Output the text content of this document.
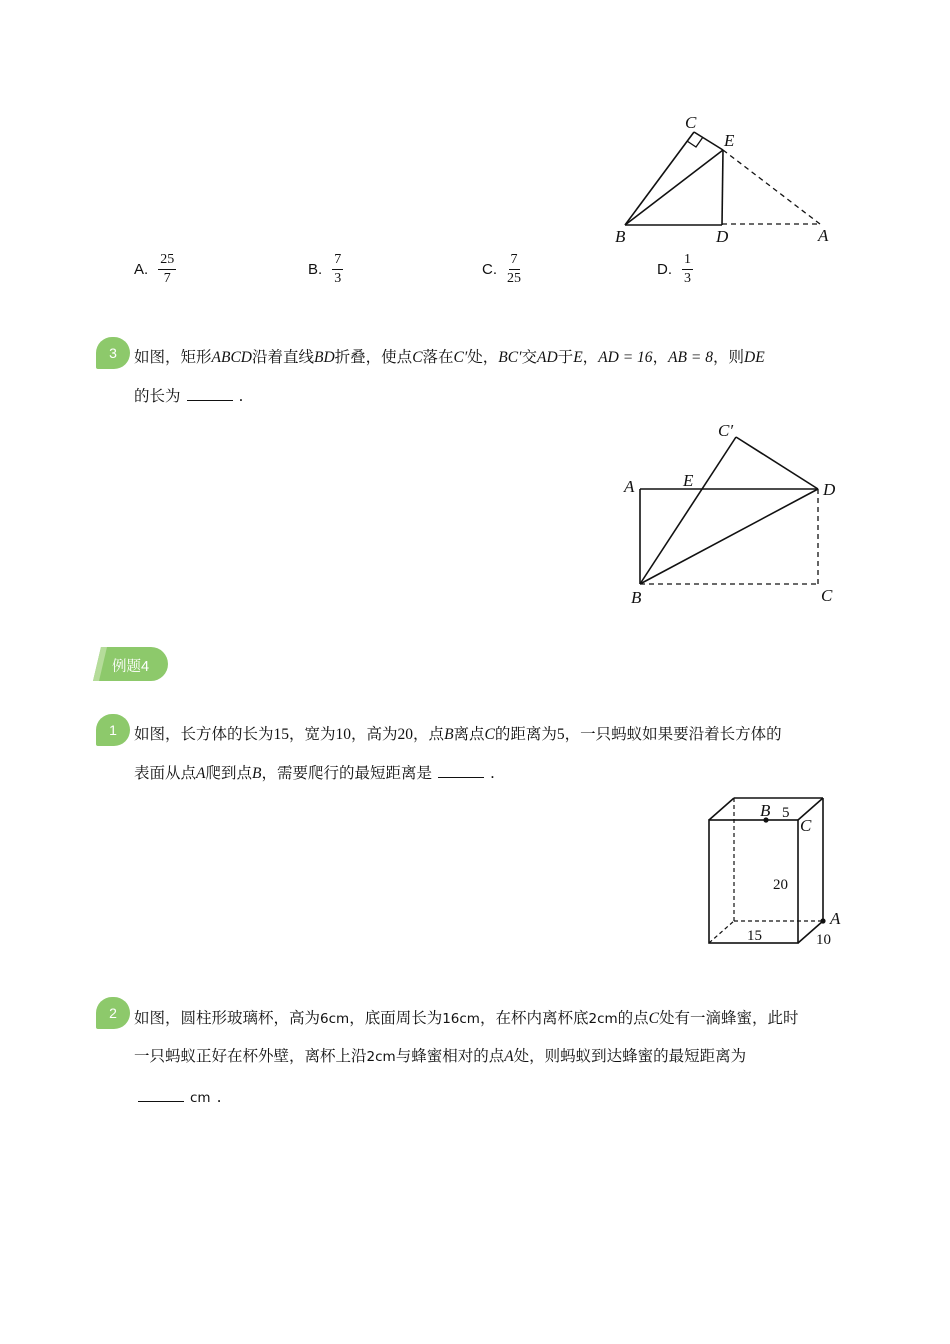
C
E
B	D	A
A. $\frac{25}{7}$	B. $\frac{7}{3}$	C. $\frac{7}{25}$	D. $\frac{1}{3}$
3	如图，矩形ABCD沿着直线BD折叠，使点C落在C′处，BC′交AD于E，AD = 16，AB = 8，则DE
的长为	.
C′
A	E	D
B	C
例题4
1	如图，长方体的长为15，宽为10，高为20，点B离点C的距离为5，一只蚂蚁如果要沿着长方体的
表面从点A爬到点B，需要爬行的最短距离是	.
B 5
C
20
A
15	10
2	如图，圆柱形玻璃杯，高为6cm，底面周长为16cm，在杯内离杯底2cm的点C处有一滴蜂蜜，此时
一只蚂蚁正好在杯外壁，离杯上沿2cm与蜂蜜相对的点A处，则蚂蚁到达蜂蜜的最短距离为
cm .
